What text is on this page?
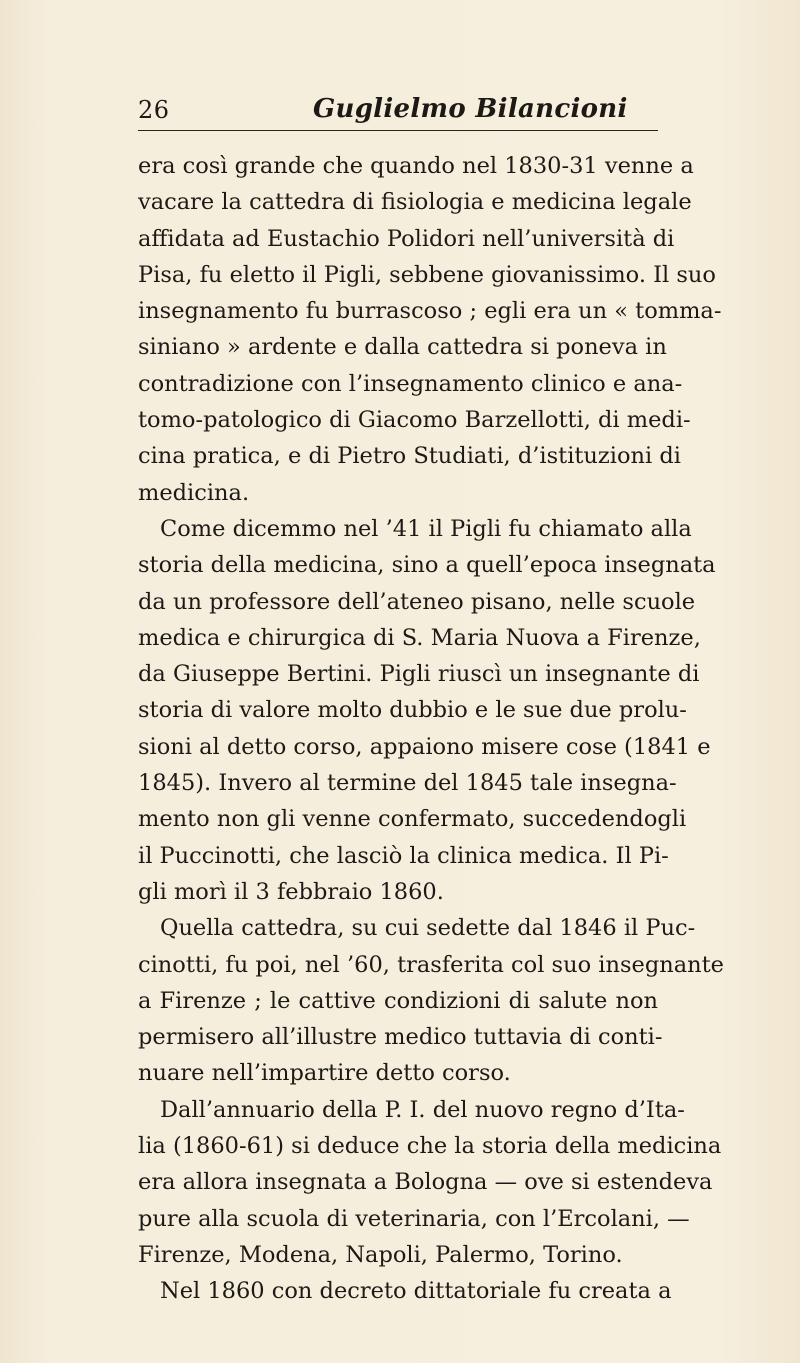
26	Guglielmo Bilancioni
era così grande che quando nel 1830-31 venne a
vacare la cattedra di fisiologia e medicina legale
affidata ad Eustachio Polidori nell’università di
Pisa, fu eletto il Pigli, sebbene giovanissimo. Il suo
insegnamento fu burrascoso ; egli era un « tomma-
siniano » ardente e dalla cattedra si poneva in
contradizione con l’insegnamento clinico e ana-
tomo-patologico di Giacomo Barzellotti, di medi-
cina pratica, e di Pietro Studiati, d’istituzioni di
medicina.
Come dicemmo nel ’41 il Pigli fu chiamato alla
storia della medicina, sino a quell’epoca insegnata
da un professore dell’ateneo pisano, nelle scuole
medica e chirurgica di S. Maria Nuova a Firenze,
da Giuseppe Bertini. Pigli riuscì un insegnante di
storia di valore molto dubbio e le sue due prolu-
sioni al detto corso, appaiono misere cose (1841 e
1845). Invero al termine del 1845 tale insegna-
mento non gli venne confermato, succedendogli
il Puccinotti, che lasciò la clinica medica. Il Pi-
gli morì il 3 febbraio 1860.
Quella cattedra, su cui sedette dal 1846 il Puc-
cinotti, fu poi, nel ’60, trasferita col suo insegnante
a Firenze ; le cattive condizioni di salute non
permisero all’illustre medico tuttavia di conti-
nuare nell’impartire detto corso.
Dall’annuario della P. I. del nuovo regno d’Ita-
lia (1860-61) si deduce che la storia della medicina
era allora insegnata a Bologna — ove si estendeva
pure alla scuola di veterinaria, con l’Ercolani, —
Firenze, Modena, Napoli, Palermo, Torino.
Nel 1860 con decreto dittatoriale fu creata a
